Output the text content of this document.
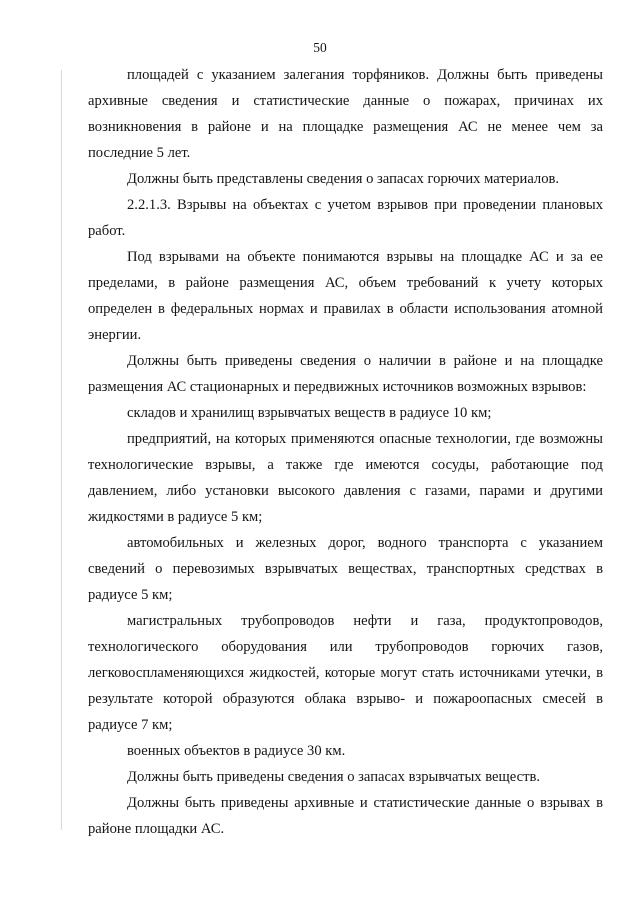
50

площадей с указанием залегания торфяников. Должны быть приведены архивные сведения и статистические данные о пожарах, причинах их возникновения в районе и на площадке размещения АС не менее чем за последние 5 лет.

Должны быть представлены сведения о запасах горючих материалов.

2.2.1.3. Взрывы на объектах с учетом взрывов при проведении плановых работ.

Под взрывами на объекте понимаются взрывы на площадке АС и за ее пределами, в районе размещения АС, объем требований к учету которых определен в федеральных нормах и правилах в области использования атомной энергии.

Должны быть приведены сведения о наличии в районе и на площадке размещения АС стационарных и передвижных источников возможных взрывов:

складов и хранилищ взрывчатых веществ в радиусе 10 км;

предприятий, на которых применяются опасные технологии, где возможны технологические взрывы, а также где имеются сосуды, работающие под давлением, либо установки высокого давления с газами, парами и другими жидкостями в радиусе 5 км;

автомобильных и железных дорог, водного транспорта с указанием сведений о перевозимых взрывчатых веществах, транспортных средствах в радиусе 5 км;

магистральных трубопроводов нефти и газа, продуктопроводов, технологического оборудования или трубопроводов горючих газов, легковоспламеняющихся жидкостей, которые могут стать источниками утечки, в результате которой образуются облака взрыво- и пожароопасных смесей в радиусе 7 км;

военных объектов в радиусе 30 км.

Должны быть приведены сведения о запасах взрывчатых веществ.

Должны быть приведены архивные и статистические данные о взрывах в районе площадки АС.
